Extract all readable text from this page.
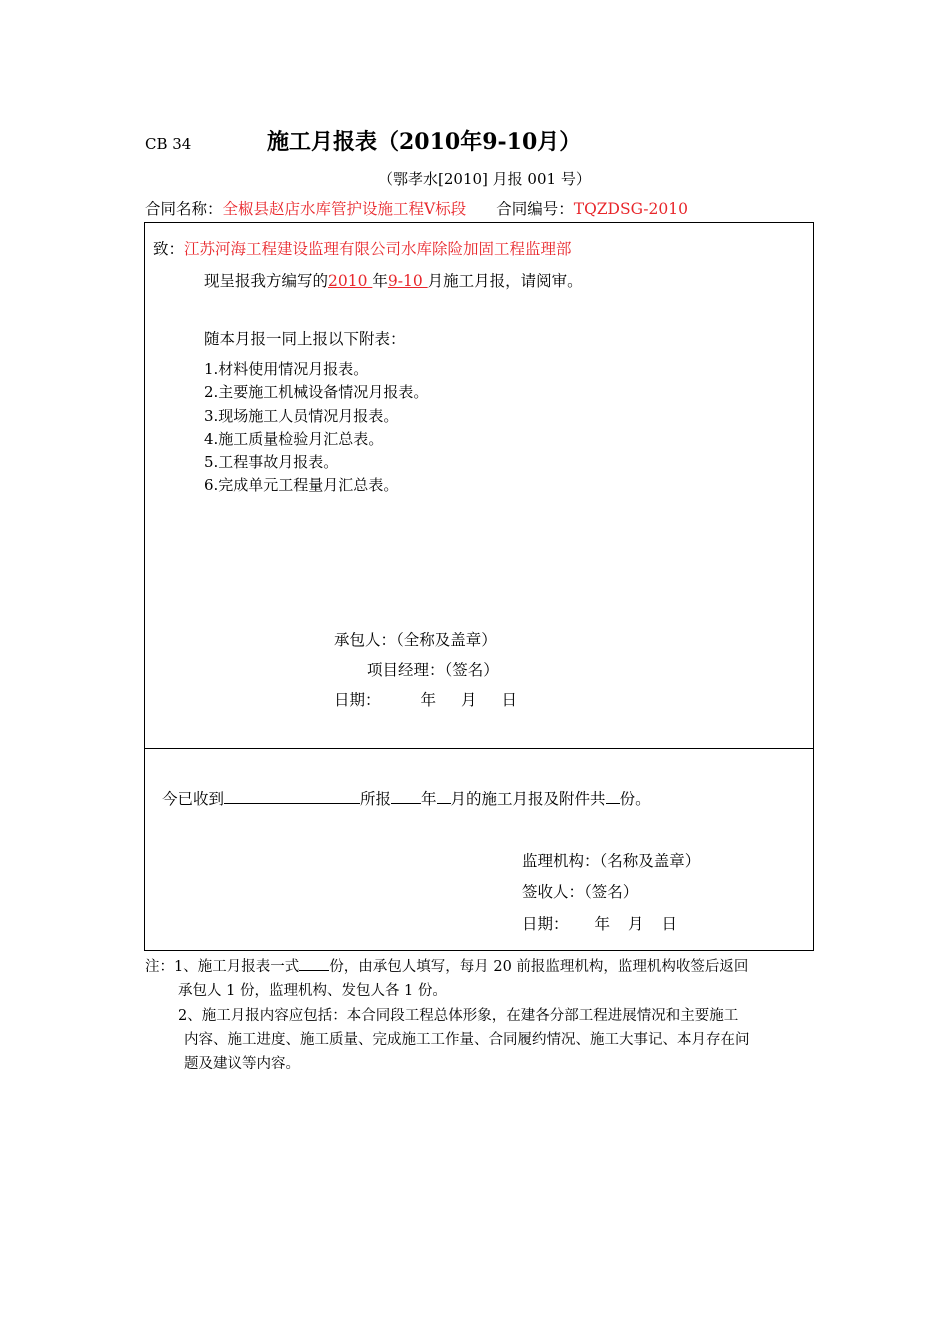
CB 34	施工月报表（2010年9-10月）
（鄂孝水[2010] 月报 001 号）
合同名称：全椒县赵店水库管护设施工程Ⅴ标段 合同编号：TQZDSG-2010
致：江苏河海工程建设监理有限公司水库除险加固工程监理部
现呈报我方编写的2010 年9-10 月施工月报，请阅审。
随本月报一同上报以下附表：
1.材料使用情况月报表。
2.主要施工机械设备情况月报表。
3.现场施工人员情况月报表。
4.施工质量检验月汇总表。
5.工程事故月报表。
6.完成单元工程量月汇总表。
承包人：（全称及盖章）
项目经理：（签名）
日期：	年 月 日
今已收到	所报 年 月的施工月报及附件共 份。
监理机构：（名称及盖章）
签收人：（签名）
日期： 年 月 日
注：1、施工月报表一式 份，由承包人填写，每月 20 前报监理机构，监理机构收签后返回
承包人 1 份，监理机构、发包人各 1 份。
2、施工月报内容应包括：本合同段工程总体形象，在建各分部工程进展情况和主要施工
内容、施工进度、施工质量、完成施工工作量、合同履约情况、施工大事记、本月存在问
题及建议等内容。
